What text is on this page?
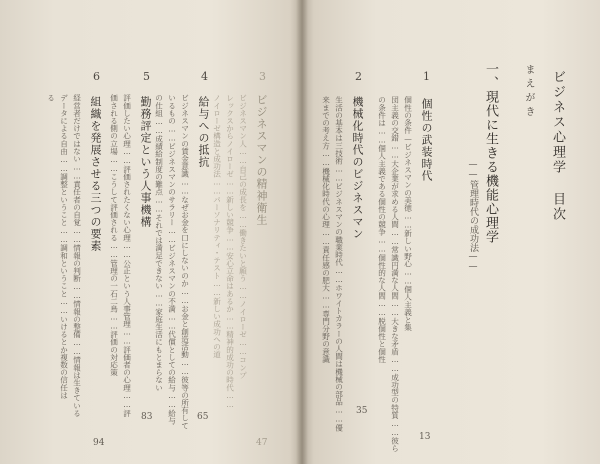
ビジネス心理学 目次
まえがき
一、現代に生きる機能心理学
——管理時代の成功法——
1
個性の武装時代
個性の条件—ビジネスマンの美徳……新しい野心……個人主義と集
団主義の交錯……大企業が求める人間……常識円満な人間……大きな矛盾……成功型の特質……彼ら
の条件は……個人主義である個性の競争……個性的な人間……脱個性と個性
13
2
機械化時代のビジネスマン
生活の基本は三技術……ビジネスマンの職業時代……ホワイトカラーの人間は機械の部品……優
来までの考え方……機械化時代の心理……責任感の肥大……専門分野の意識
35
3
ビジネスマンの精神衛生
ビジネスマン人……自己の成長を……働きたいと願う……ノイローゼ……コンプ
レックスからノイローゼ……新しい競争……安心立命はあるか……精神的成功の時代……
ノイローゼ構造と成功法……パーソナリティ・テスト……新しい成功への道
47
4
給与への抵抗
ビジネスマンの賃金意識……なぜお金を口にしないのか……お金と創造活動……彼等の所有して
いるもの……ビジネスマンのサラリー……ビジネスマンの不満……代償としての給与……給与
の仕組……成績給制度の難点……それでは満足できない……家庭生活にもとまらない
65
5
勤務評定という人事機構
評価したい心理……評価されたくない心理……公正という人事管理……評価者の心理……評
価される側の立場……こうして評価される……管理の一石二鳥……評価の対応策
83
6
組織を発展させる三つの要素
経営者だけではない……責任者の自覚……情報の判断……情報の整備……情報は生きている
データによる自由……調整ということ……調和ということ……いけるとか複数の信任は
る
94
